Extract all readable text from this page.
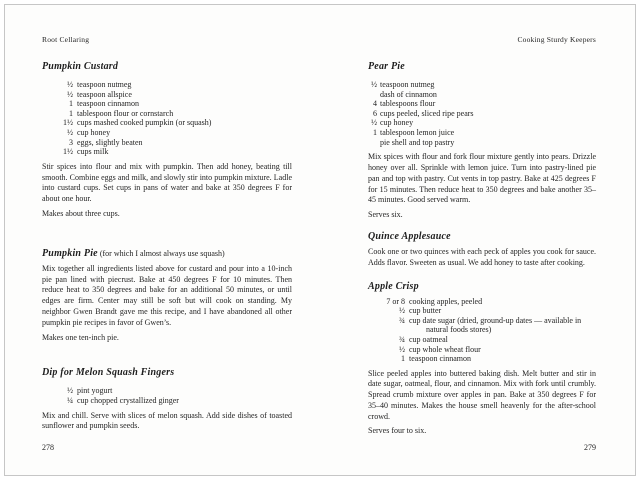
Root Cellaring

Pumpkin Custard
½ teaspoon nutmeg
½ teaspoon allspice
1 teaspoon cinnamon
1 tablespoon flour or cornstarch
1½ cups mashed cooked pumpkin (or squash)
½ cup honey
3 eggs, slightly beaten
1½ cups milk

Stir spices into flour and mix with pumpkin. Then add honey, beating till smooth. Combine eggs and milk, and slowly stir into pumpkin mixture. Ladle into custard cups. Set cups in pans of water and bake at 350 degrees F for about one hour.

Makes about three cups.

Pumpkin Pie (for which I almost always use squash)

Mix together all ingredients listed above for custard and pour into a 10-inch pie pan lined with piecrust. Bake at 450 degrees F for 10 minutes. Then reduce heat to 350 degrees and bake for an additional 50 minutes, or until edges are firm. Center may still be soft but will cook on standing. My neighbor Gwen Brandt gave me this recipe, and I have abandoned all other pumpkin pie recipes in favor of Gwen’s.

Makes one ten-inch pie.

Dip for Melon Squash Fingers
½ pint yogurt
¼ cup chopped crystallized ginger

Mix and chill. Serve with slices of melon squash. Add side dishes of toasted sunflower and pumpkin seeds.

278

Cooking Sturdy Keepers

Pear Pie
½ teaspoon nutmeg
dash of cinnamon
4 tablespoons flour
6 cups peeled, sliced ripe pears
½ cup honey
1 tablespoon lemon juice
pie shell and top pastry

Mix spices with flour and fork flour mixture gently into pears. Drizzle honey over all. Sprinkle with lemon juice. Turn into pastry-lined pie pan and top with pastry. Cut vents in top pastry. Bake at 425 degrees F for 15 minutes. Then reduce heat to 350 degrees and bake another 35–45 minutes. Good served warm.

Serves six.

Quince Applesauce

Cook one or two quinces with each peck of apples you cook for sauce. Adds flavor. Sweeten as usual. We add honey to taste after cooking.

Apple Crisp
7 or 8 cooking apples, peeled
½ cup butter
¾ cup date sugar (dried, ground-up dates — available in natural foods stores)
¾ cup oatmeal
½ cup whole wheat flour
1 teaspoon cinnamon

Slice peeled apples into buttered baking dish. Melt butter and stir in date sugar, oatmeal, flour, and cinnamon. Mix with fork until crumbly. Spread crumb mixture over apples in pan. Bake at 350 degrees F for 35–40 minutes. Makes the house smell heavenly for the after-school crowd.

Serves four to six.

279
